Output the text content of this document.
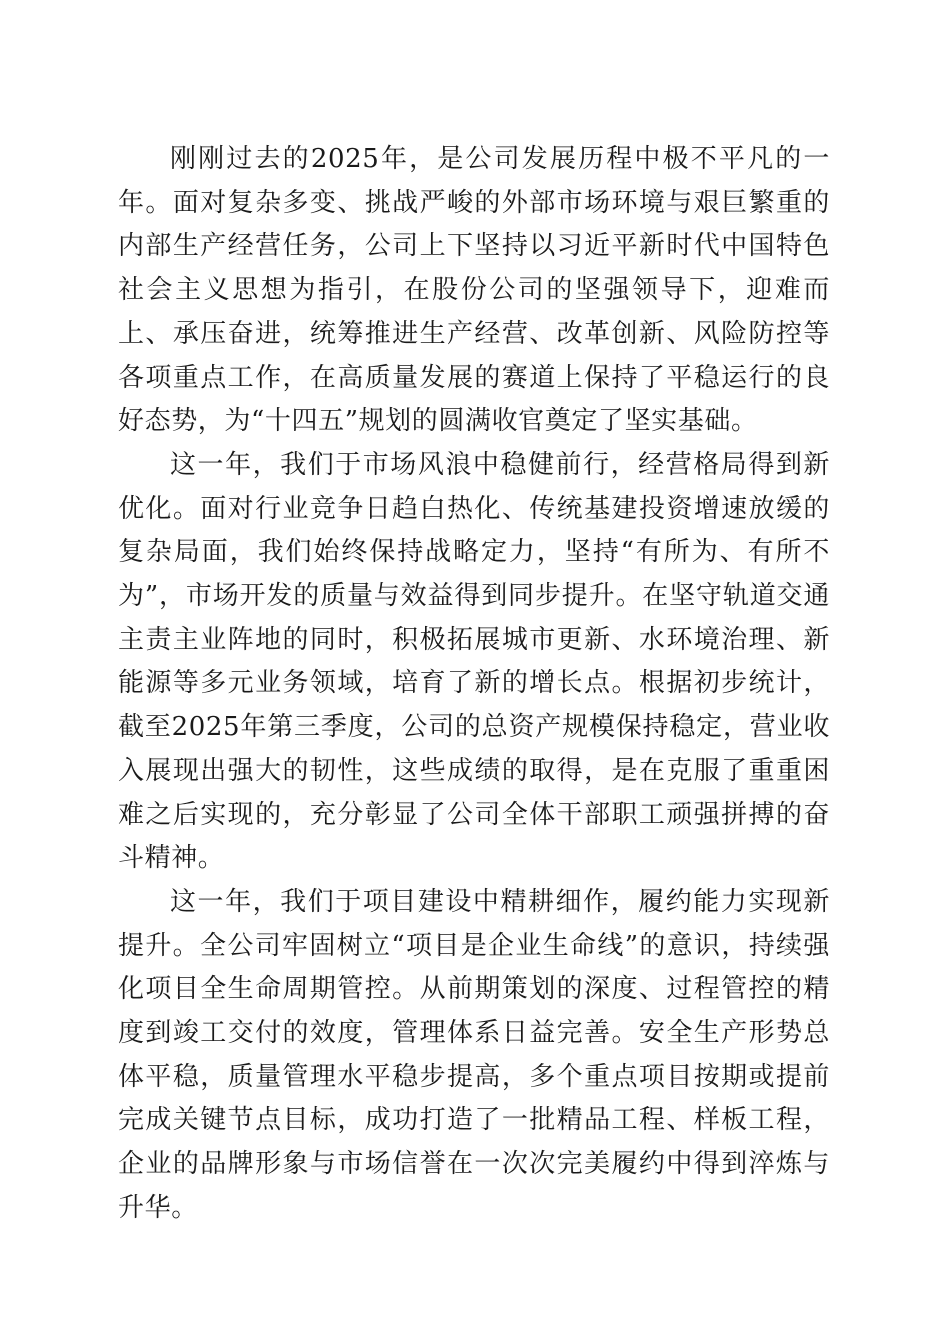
刚刚过去的2025年，是公司发展历程中极不平凡的一年。面对复杂多变、挑战严峻的外部市场环境与艰巨繁重的内部生产经营任务，公司上下坚持以习近平新时代中国特色社会主义思想为指引，在股份公司的坚强领导下，迎难而上、承压奋进，统筹推进生产经营、改革创新、风险防控等各项重点工作，在高质量发展的赛道上保持了平稳运行的良好态势，为“十四五”规划的圆满收官奠定了坚实基础。

这一年，我们于市场风浪中稳健前行，经营格局得到新优化。面对行业竞争日趋白热化、传统基建投资增速放缓的复杂局面，我们始终保持战略定力，坚持“有所为、有所不为”，市场开发的质量与效益得到同步提升。在坚守轨道交通主责主业阵地的同时，积极拓展城市更新、水环境治理、新能源等多元业务领域，培育了新的增长点。根据初步统计，截至2025年第三季度，公司的总资产规模保持稳定，营业收入展现出强大的韧性，这些成绩的取得，是在克服了重重困难之后实现的，充分彰显了公司全体干部职工顽强拼搏的奋斗精神。

这一年，我们于项目建设中精耕细作，履约能力实现新提升。全公司牢固树立“项目是企业生命线”的意识，持续强化项目全生命周期管控。从前期策划的深度、过程管控的精度到竣工交付的效度，管理体系日益完善。安全生产形势总体平稳，质量管理水平稳步提高，多个重点项目按期或提前完成关键节点目标，成功打造了一批精品工程、样板工程，企业的品牌形象与市场信誉在一次次完美履约中得到淬炼与升华。
